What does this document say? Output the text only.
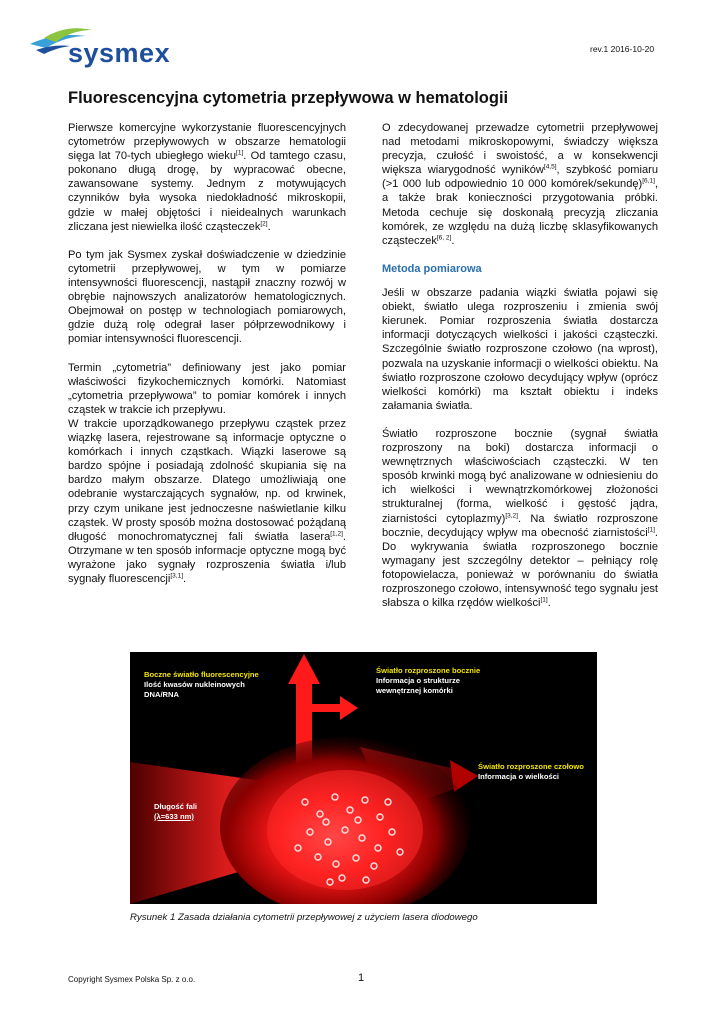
sysmex	rev.1 2016-10-20
Fluorescencyjna cytometria przepływowa w hematologii

Pierwsze komercyjne wykorzystanie fluorescencyjnych cytometrów przepływowych w obszarze hematologii sięga lat 70-tych ubiegłego wieku[1]. Od tamtego czasu, pokonano długą drogę, by wypracować obecne, zawansowane systemy. Jednym z motywujących czynników była wysoka niedokładność mikroskopii, gdzie w małej objętości i nieidealnych warunkach zliczana jest niewielka ilość cząsteczek[2].

Po tym jak Sysmex zyskał doświadczenie w dziedzinie cytometrii przepływowej, w tym w pomiarze intensywności fluorescencji, nastąpił znaczny rozwój w obrębie najnowszych analizatorów hematologicznych. Obejmował on postęp w technologiach pomiarowych, gdzie dużą rolę odegrał laser półprzewodnikowy i pomiar intensywności fluorescencji.

Termin „cytometria” definiowany jest jako pomiar właściwości fizykochemicznych komórki. Natomiast „cytometria przepływowa” to pomiar komórek i innych cząstek w trakcie ich przepływu.

W trakcie uporządkowanego przepływu cząstek przez wiązkę lasera, rejestrowane są informacje optyczne o komórkach i innych cząstkach. Wiązki laserowe są bardzo spójne i posiadają zdolność skupiania się na bardzo małym obszarze. Dlatego umożliwiają one odebranie wystarczających sygnałów, np. od krwinek, przy czym unikane jest jednoczesne naświetlanie kilku cząstek. W prosty sposób można dostosować pożądaną długość monochromatycznej fali światła lasera[1,2]. Otrzymane w ten sposób informacje optyczne mogą być wyrażone jako sygnały rozproszenia światła i/lub sygnały fluorescencji[3,1].

O zdecydowanej przewadze cytometrii przepływowej nad metodami mikroskopowymi, świadczy większa precyzja, czułość i swoistość, a w konsekwencji większa wiarygodność wyników[4,5], szybkość pomiaru (>1 000 lub odpowiednio 10 000 komórek/sekundę)[6,1], a także brak konieczności przygotowania próbki. Metoda cechuje się doskonałą precyzją zliczania komórek, ze względu na dużą liczbę sklasyfikowanych cząsteczek[6, 2].

Metoda pomiarowa

Jeśli w obszarze padania wiązki światła pojawi się obiekt, światło ulega rozproszeniu i zmienia swój kierunek. Pomiar rozproszenia światła dostarcza informacji dotyczących wielkości i jakości cząsteczki. Szczególnie światło rozproszone czołowo (na wprost), pozwala na uzyskanie informacji o wielkości obiektu. Na światło rozproszone czołowo decydujący wpływ (oprócz wielkości komórki) ma kształt obiektu i indeks załamania światła.

Światło rozproszone bocznie (sygnał światła rozproszony na boki) dostarcza informacji o wewnętrznych właściwościach cząsteczki. W ten sposób krwinki mogą być analizowane w odniesieniu do ich wielkości i wewnątrzkomórkowej złożoności strukturalnej (forma, wielkość i gęstość jądra, ziarnistości cytoplazmy)[3,2]. Na światło rozproszone bocznie, decydujący wpływ ma obecność ziarnistości[1]. Do wykrywania światła rozproszonego bocznie wymagany jest szczególny detektor – pełniący rolę fotopowielacza, ponieważ w porównaniu do światła rozproszonego czołowo, intensywność tego sygnału jest słabsza o kilka rzędów wielkości[1].

Boczne światło fluorescencyjne
Ilość kwasów nukleinowych DNA/RNA
Światło rozproszone bocznie
Informacja o strukturze wewnętrznej komórki
Światło rozproszone czołowo
Informacja o wielkości
Długość fali
(λ=633 nm)
Rysunek 1 Zasada działania cytometrii przepływowej z użyciem lasera diodowego
Copyright Sysmex Polska Sp. z o.o.	1
